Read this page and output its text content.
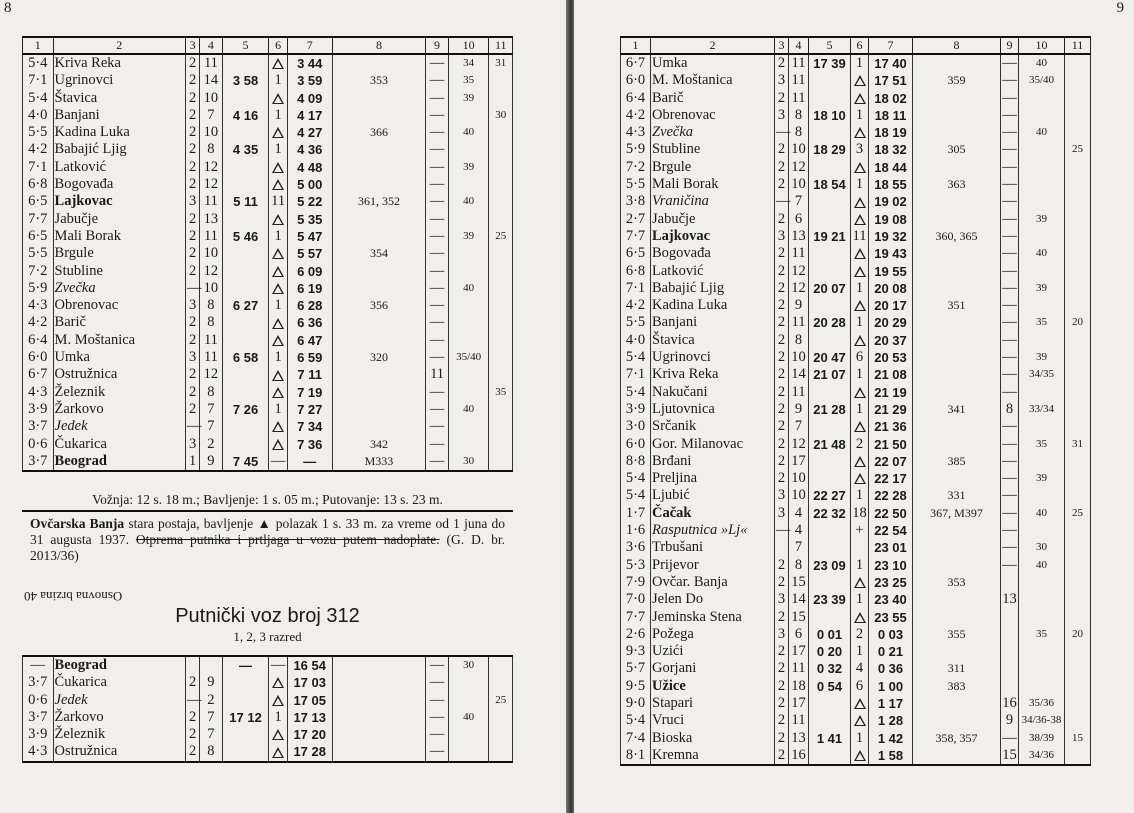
8
1	2	3	4	5	6	7	8	9	10	11
5·4	Kriva Reka	2	11			3 44		—	34	31
7·1	Ugrinovci	2	14	3 58	1	3 59	353	—	35	
5·4	Štavica	2	10			4 09		—	39	
4·0	Banjani	2	7	4 16	1	4 17		—		30
5·5	Kadina Luka	2	10			4 27	366	—	40	
4·2	Babajić Ljig	2	8	4 35	1	4 36		—		
7·1	Latković	2	12			4 48		—	39	
6·8	Bogovađa	2	12			5 00		—		
6·5	Lajkovac	3	11	5 11	11	5 22	361, 352	—	40	
7·7	Jabučje	2	13			5 35		—		
6·5	Mali Borak	2	11	5 46	1	5 47		—	39	25
5·5	Brgule	2	10			5 57	354	—		
7·2	Stubline	2	12			6 09		—		
5·9	Zvečka	—	10			6 19		—	40	
4·3	Obrenovac	3	8	6 27	1	6 28	356	—		
4·2	Barič	2	8			6 36		—		
6·4	M. Moštanica	2	11			6 47		—		
6·0	Umka	3	11	6 58	1	6 59	320	—	35/40	
6·7	Ostružnica	2	12			7 11		11		
4·3	Železnik	2	8			7 19		—		35
3·9	Žarkovo	2	7	7 26	1	7 27		—	40	
3·7	Jedek	—	7			7 34		—		
0·6	Čukarica	3	2			7 36	342	—		
3·7	Beograd	1	9	7 45	—	—	M333	—	30	
Vožnja: 12 s. 18 m.; Bavljenje: 1 s. 05 m.; Putovanje: 13 s. 23 m.
Ovčarska Banja stara postaja, bavljenje ▲ polazak 1 s. 33 m. za vreme od 1 juna do 31 augusta 1937. Otprema putnika i prtljaga u vozu putem nadoplate. (G. D. br. 2013/36)
Osnovna brzina 40
Putnički voz broj 312
1, 2, 3 razred
—	Beograd			—	—	16 54		—	30	
3·7	Čukarica	2	9			17 03		—		
0·6	Jedek	—	2			17 05		—		25
3·7	Žarkovo	2	7	17 12	1	17 13		—	40	
3·9	Železnik	2	7			17 20		—		
4·3	Ostružnica	2	8			17 28		—		
9
1	2	3	4	5	6	7	8	9	10	11
6·7	Umka	2	11	17 39	1	17 40		—	40	
6·0	M. Moštanica	3	11			17 51	359	—	35/40	
6·4	Barič	2	11			18 02		—		
4·2	Obrenovac	3	8	18 10	1	18 11		—		
4·3	Zvečka	—	8			18 19		—	40	
5·9	Stubline	2	10	18 29	3	18 32	305	—		25
7·2	Brgule	2	12			18 44		—		
5·5	Mali Borak	2	10	18 54	1	18 55	363	—		
3·8	Vraničina	—	7			19 02		—		
2·7	Jabučje	2	6			19 08		—	39	
7·7	Lajkovac	3	13	19 21	11	19 32	360, 365	—		
6·5	Bogovađa	2	11			19 43		—	40	
6·8	Latković	2	12			19 55		—		
7·1	Babajić Ljig	2	12	20 07	1	20 08		—	39	
4·2	Kadina Luka	2	9			20 17	351	—		
5·5	Banjani	2	11	20 28	1	20 29		—	35	20
4·0	Štavica	2	8			20 37		—		
5·4	Ugrinovci	2	10	20 47	6	20 53		—	39	
7·1	Kriva Reka	2	14	21 07	1	21 08		—	34/35	
5·4	Nakučani	2	11			21 19		—		
3·9	Ljutovnica	2	9	21 28	1	21 29	341	8	33/34	
3·0	Srčanik	2	7			21 36		—		
6·0	Gor. Milanovac	2	12	21 48	2	21 50		—	35	31
8·8	Brđani	2	17			22 07	385	—		
5·4	Preljina	2	10			22 17		—	39	
5·4	Ljubić	3	10	22 27	1	22 28	331	—		
1·7	Čačak	3	4	22 32	18	22 50	367, M397	—	40	25
1·6	Rasputnica »Lj«	—	4		+	22 54		—		
3·6	Trbušani		7			23 01		—	30	
5·3	Prijevor	2	8	23 09	1	23 10		—	40	
7·9	Ovčar. Banja	2	15			23 25	353			
7·0	Jelen Do	3	14	23 39	1	23 40		13		
7·7	Jeminska Stena	2	15			23 55				
2·6	Požega	3	6	0 01	2	0 03	355		35	20
9·3	Uzići	2	17	0 20	1	0 21				
5·7	Gorjani	2	11	0 32	4	0 36	311			
9·5	Užice	2	18	0 54	6	1 00	383			
9·0	Stapari	2	17			1 17		16	35/36	
5·4	Vruci	2	11			1 28		9	34/36-38	
7·4	Bioska	2	13	1 41	1	1 42	358, 357	—	38/39	15
8·1	Kremna	2	16			1 58		15	34/36	
